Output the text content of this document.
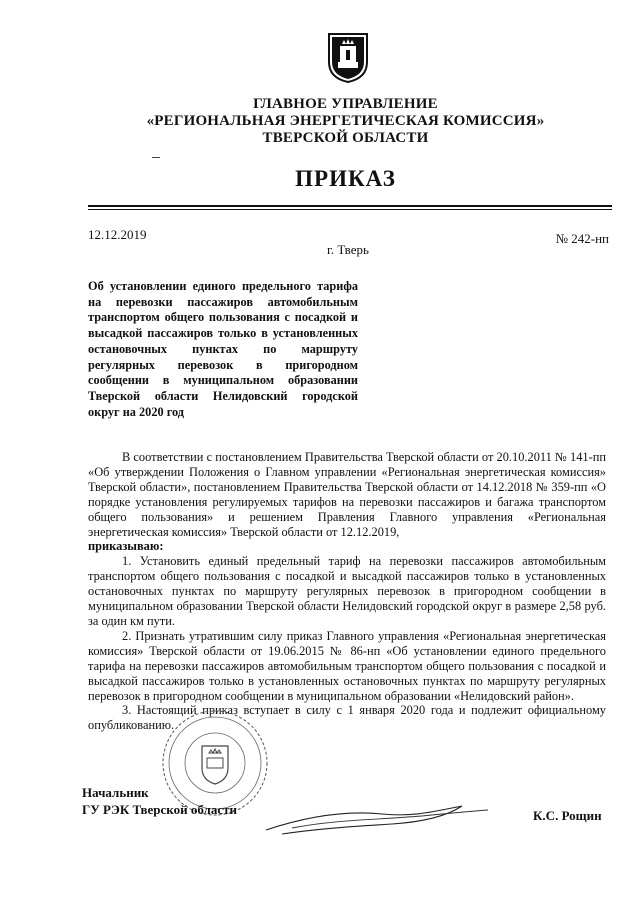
ГЛАВНОЕ УПРАВЛЕНИЕ
«РЕГИОНАЛЬНАЯ ЭНЕРГЕТИЧЕСКАЯ КОМИССИЯ»
ТВЕРСКОЙ ОБЛАСТИ
ПРИКАЗ
12.12.2019
г. Тверь
№ 242-нп
Об установлении единого предельного тарифа на перевозки пассажиров автомобильным транспортом общего пользования с посадкой и высадкой пассажиров только в установленных остановочных пунктах по маршруту регулярных перевозок в пригородном сообщении в муниципальном образовании Тверской области Нелидовский городской округ на 2020 год

В соответствии с постановлением Правительства Тверской области от 20.10.2011 № 141-пп «Об утверждении Положения о Главном управлении «Региональная энергетическая комиссия» Тверской области», постановлением Правительства Тверской области от 14.12.2018 № 359-пп «О порядке установления регулируемых тарифов на перевозки пассажиров и багажа транспортом общего пользования» и решением Правления Главного управления «Региональная энергетическая комиссия» Тверской области от 12.12.2019,

приказываю:

1. Установить единый предельный тариф на перевозки пассажиров автомобильным транспортом общего пользования с посадкой и высадкой пассажиров только в установленных остановочных пунктах по маршруту регулярных перевозок в пригородном сообщении в муниципальном образовании Тверской области Нелидовский городской округ в размере 2,58 руб. за один км пути.

2. Признать утратившим силу приказ Главного управления «Региональная энергетическая комиссия» Тверской области от 19.06.2015 № 86-нп «Об установлении единого предельного тарифа на перевозки пассажиров автомобильным транспортом общего пользования с посадкой и высадкой пассажиров только в установленных остановочных пунктах по маршруту регулярных перевозок в пригородном сообщении в муниципальном образовании «Нелидовский район».

3. Настоящий приказ вступает в силу с 1 января 2020 года и подлежит официальному опубликованию.

Начальник
ГУ РЭК Тверской области	К.С. Рощин
